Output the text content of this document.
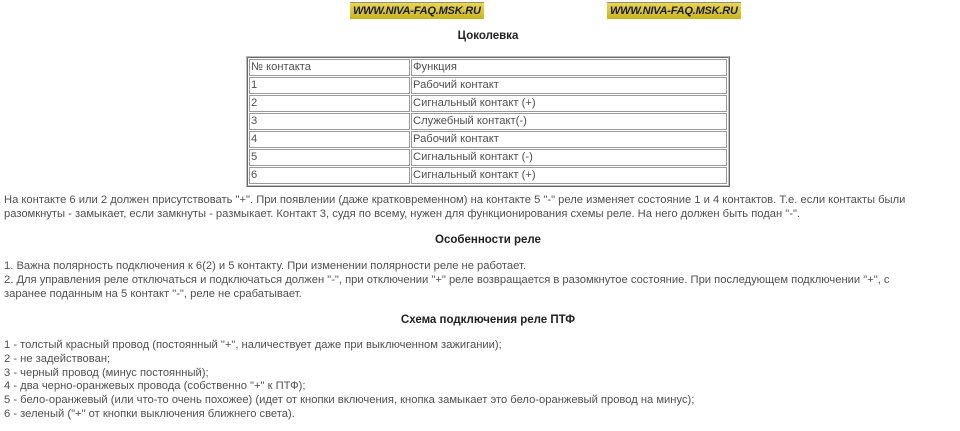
WWW.NIVA-FAQ.MSK.RU	WWW.NIVA-FAQ.MSK.RU
Цоколевка
№ контакта	Функция
1	Рабочий контакт
2	Сигнальный контакт (+)
3	Служебный контакт(-)
4	Рабочий контакт
5	Сигнальный контакт (-)
6	Сигнальный контакт (+)
На контакте 6 или 2 должен присутствовать "+". При появлении (даже кратковременном) на контакте 5 "-" реле изменяет состояние 1 и 4 контактов. Т.е. если контакты были
разомкнуты - замыкает, если замкнуты - размыкает. Контакт 3, судя по всему, нужен для функционирования схемы реле. На него должен быть подан "-".
Особенности реле
1. Важна полярность подключения к 6(2) и 5 контакту. При изменении полярности реле не работает.
2. Для управления реле отключаться и подключаться должен "-", при отключении "+" реле возвращается в разомкнутое состояние. При последующем подключении "+", с
заранее поданным на 5 контакт "-", реле не срабатывает.
Схема подключения реле ПТФ
1 - толстый красный провод (постоянный "+", наличествует даже при выключенном зажигании);
2 - не задействован;
3 - черный провод (минус постоянный);
4 - два черно-оранжевых провода (собственно "+" к ПТФ);
5 - бело-оранжевый (или что-то очень похожее) (идет от кнопки включения, кнопка замыкает это бело-оранжевый провод на минус);
6 - зеленый ("+" от кнопки выключения ближнего света).
